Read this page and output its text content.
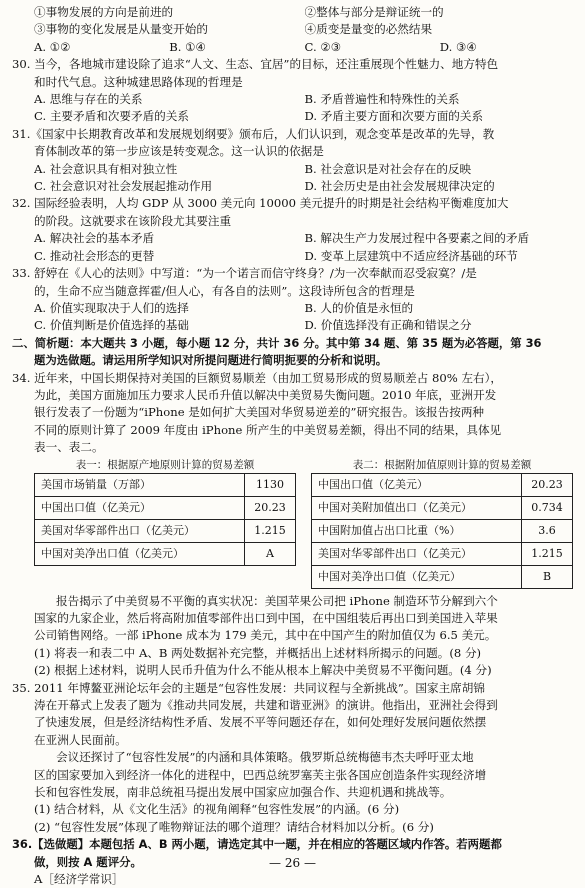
①事物发展的方向是前进的	②整体与部分是辩证统一的
③事物的变化发展是从量变开始的	④质变是量变的必然结果
A. ①②	B. ①④	C. ②③	D. ③④
30. 当今，各地城市建设除了追求“人文、生态、宜居”的目标，还注重展现个性魅力、地方特色
和时代气息。这种城建思路体现的哲理是
A. 思维与存在的关系	B. 矛盾普遍性和特殊性的关系
C. 主要矛盾和次要矛盾的关系	D. 矛盾主要方面和次要方面的关系
31.《国家中长期教育改革和发展规划纲要》颁布后，人们认识到，观念变革是改革的先导，教
育体制改革的第一步应该是转变观念。这一认识的依据是
A. 社会意识具有相对独立性	B. 社会意识是对社会存在的反映
C. 社会意识对社会发展起推动作用	D. 社会历史是由社会发展规律决定的
32. 国际经验表明，人均 GDP 从 3000 美元向 10000 美元提升的时期是社会结构平衡难度加大
的阶段。这就要求在该阶段尤其要注重
A. 解决社会的基本矛盾	B. 解决生产力发展过程中各要素之间的矛盾
C. 推动社会形态的更替	D. 变革上层建筑中不适应经济基础的环节
33. 舒婷在《人心的法则》中写道：“为一个诺言而信守终身？/为一次奉献而忍受寂寞？/是
的，生命不应当随意挥霍/但人心，有各自的法则”。这段诗所包含的哲理是
A. 价值实现取决于人们的选择	B. 人的价值是永恒的
C. 价值判断是价值选择的基础	D. 价值选择没有正确和错误之分
二、简析题：本大题共 3 小题，每小题 12 分，共计 36 分。其中第 34 题、第 35 题为必答题，第 36
题为选做题。请运用所学知识对所提问题进行简明扼要的分析和说明。
34. 近年来，中国长期保持对美国的巨额贸易顺差（由加工贸易形成的贸易顺差占 80% 左右），
为此，美国方面施加压力要求人民币升值以解决中美贸易失衡问题。2010 年底，亚洲开发
银行发表了一份题为“iPhone 是如何扩大美国对华贸易逆差的”研究报告。该报告按两种
不同的原则计算了 2009 年度由 iPhone 所产生的中美贸易差额，得出不同的结果，具体见
表一、表二。
表一：根据原产地原则计算的贸易差额
美国市场销量（万部）	1130
中国出口值（亿美元）	20.23
美国对华零部件出口（亿美元）	1.215
中国对美净出口值（亿美元）	A
表二：根据附加值原则计算的贸易差额
中国出口值（亿美元）	20.23
中国对美附加值出口（亿美元）	0.734
中国附加值占出口比重（%）	3.6
美国对华零部件出口（亿美元）	1.215
中国对美净出口值（亿美元）	B
报告揭示了中美贸易不平衡的真实状况：美国苹果公司把 iPhone 制造环节分解到六个
国家的九家企业，然后将高附加值零部件出口到中国，在中国组装后再出口到美国进入苹果
公司销售网络。一部 iPhone 成本为 179 美元，其中在中国产生的附加值仅为 6.5 美元。
(1) 将表一和表二中 A、B 两处数据补充完整，并概括出上述材料所揭示的问题。(8 分)
(2) 根据上述材料，说明人民币升值为什么不能从根本上解决中美贸易不平衡问题。(4 分)
35. 2011 年博鳌亚洲论坛年会的主题是“包容性发展：共同议程与全新挑战”。国家主席胡锦
涛在开幕式上发表了题为《推动共同发展，共建和谐亚洲》的演讲。他指出，亚洲社会得到
了快速发展，但是经济结构性矛盾、发展不平等问题还存在，如何处理好发展问题依然摆
在亚洲人民面前。
会议还探讨了“包容性发展”的内涵和具体策略。俄罗斯总统梅德韦杰夫呼吁亚太地
区的国家要加入到经济一体化的进程中，巴西总统罗塞芙主张各国应创造条件实现经济增
长和包容性发展，南非总统祖马提出发展中国家应加强合作、共迎机遇和挑战等。
(1) 结合材料，从《文化生活》的视角阐释“包容性发展”的内涵。(6 分)
(2) “包容性发展”体现了唯物辩证法的哪个道理？请结合材料加以分析。(6 分)
36.【选做题】本题包括 A、B 两小题，请选定其中一题，并在相应的答题区域内作答。若两题都
做，则按 A 题评分。
A［经济学常识］
— 26 —
